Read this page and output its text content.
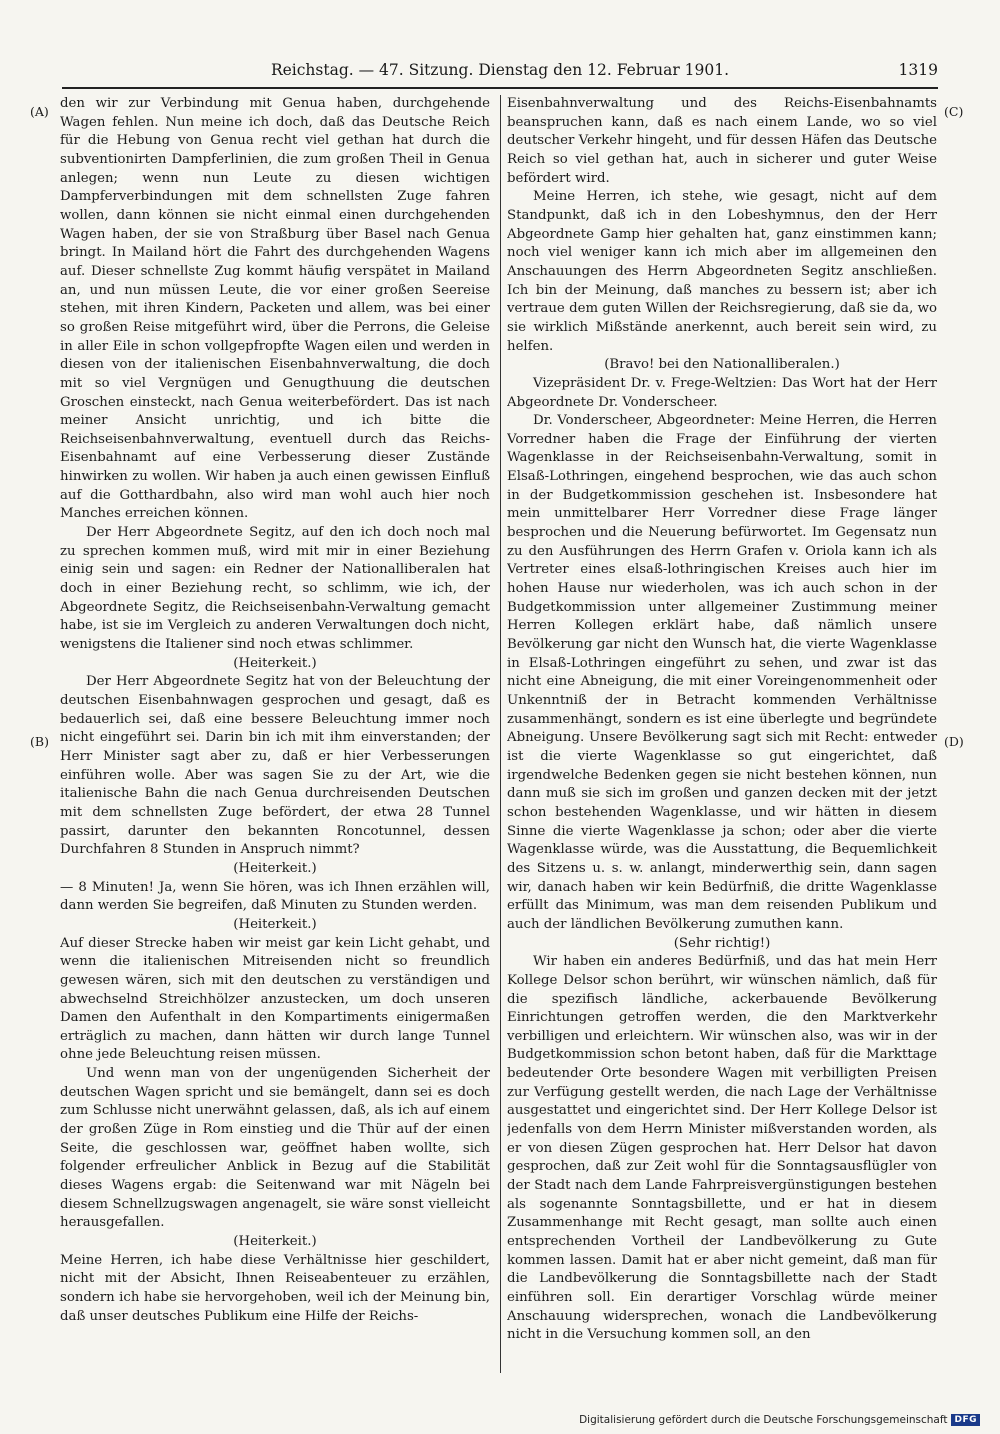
Reichstag. — 47. Sitzung. Dienstag den 12. Februar 1901.	1319
(A)
(B)
(C)
(D)

den wir zur Verbindung mit Genua haben, durchgehende Wagen fehlen. Nun meine ich doch, daß das Deutsche Reich für die Hebung von Genua recht viel gethan hat durch die subventionirten Dampferlinien, die zum großen Theil in Genua anlegen; wenn nun Leute zu diesen wichtigen Dampferverbindungen mit dem schnellsten Zuge fahren wollen, dann können sie nicht einmal einen durchgehenden Wagen haben, der sie von Straßburg über Basel nach Genua bringt. In Mailand hört die Fahrt des durchgehenden Wagens auf. Dieser schnellste Zug kommt häufig verspätet in Mailand an, und nun müssen Leute, die vor einer großen Seereise stehen, mit ihren Kindern, Packeten und allem, was bei einer so großen Reise mitgeführt wird, über die Perrons, die Geleise in aller Eile in schon vollgepfropfte Wagen eilen und werden in diesen von der italienischen Eisenbahnverwaltung, die doch mit so viel Vergnügen und Genugthuung die deutschen Groschen einsteckt, nach Genua weiterbefördert. Das ist nach meiner Ansicht unrichtig, und ich bitte die Reichseisenbahnverwaltung, eventuell durch das Reichs-Eisenbahnamt auf eine Verbesserung dieser Zustände hinwirken zu wollen. Wir haben ja auch einen gewissen Einfluß auf die Gotthardbahn, also wird man wohl auch hier noch Manches erreichen können.

Der Herr Abgeordnete Segitz, auf den ich doch noch mal zu sprechen kommen muß, wird mit mir in einer Beziehung einig sein und sagen: ein Redner der Nationalliberalen hat doch in einer Beziehung recht, so schlimm, wie ich, der Abgeordnete Segitz, die Reichseisenbahn-Verwaltung gemacht habe, ist sie im Vergleich zu anderen Verwaltungen doch nicht, wenigstens die Italiener sind noch etwas schlimmer.

(Heiterkeit.)

Der Herr Abgeordnete Segitz hat von der Beleuchtung der deutschen Eisenbahnwagen gesprochen und gesagt, daß es bedauerlich sei, daß eine bessere Beleuchtung immer noch nicht eingeführt sei. Darin bin ich mit ihm einverstanden; der Herr Minister sagt aber zu, daß er hier Verbesserungen einführen wolle. Aber was sagen Sie zu der Art, wie die italienische Bahn die nach Genua durchreisenden Deutschen mit dem schnellsten Zuge befördert, der etwa 28 Tunnel passirt, darunter den bekannten Roncotunnel, dessen Durchfahren 8 Stunden in Anspruch nimmt?

(Heiterkeit.)

— 8 Minuten! Ja, wenn Sie hören, was ich Ihnen erzählen will, dann werden Sie begreifen, daß Minuten zu Stunden werden.

(Heiterkeit.)

Auf dieser Strecke haben wir meist gar kein Licht gehabt, und wenn die italienischen Mitreisenden nicht so freundlich gewesen wären, sich mit den deutschen zu verständigen und abwechselnd Streichhölzer anzustecken, um doch unseren Damen den Aufenthalt in den Kompartiments einigermaßen erträglich zu machen, dann hätten wir durch lange Tunnel ohne jede Beleuchtung reisen müssen.

Und wenn man von der ungenügenden Sicherheit der deutschen Wagen spricht und sie bemängelt, dann sei es doch zum Schlusse nicht unerwähnt gelassen, daß, als ich auf einem der großen Züge in Rom einstieg und die Thür auf der einen Seite, die geschlossen war, geöffnet haben wollte, sich folgender erfreulicher Anblick in Bezug auf die Stabilität dieses Wagens ergab: die Seitenwand war mit Nägeln bei diesem Schnellzugswagen angenagelt, sie wäre sonst vielleicht herausgefallen.

(Heiterkeit.)

Meine Herren, ich habe diese Verhältnisse hier geschildert, nicht mit der Absicht, Ihnen Reiseabenteuer zu erzählen, sondern ich habe sie hervorgehoben, weil ich der Meinung bin, daß unser deutsches Publikum eine Hilfe der Reichs-

Eisenbahnverwaltung und des Reichs-Eisenbahnamts beanspruchen kann, daß es nach einem Lande, wo so viel deutscher Verkehr hingeht, und für dessen Häfen das Deutsche Reich so viel gethan hat, auch in sicherer und guter Weise befördert wird.

Meine Herren, ich stehe, wie gesagt, nicht auf dem Standpunkt, daß ich in den Lobeshymnus, den der Herr Abgeordnete Gamp hier gehalten hat, ganz einstimmen kann; noch viel weniger kann ich mich aber im allgemeinen den Anschauungen des Herrn Abgeordneten Segitz anschließen. Ich bin der Meinung, daß manches zu bessern ist; aber ich vertraue dem guten Willen der Reichsregierung, daß sie da, wo sie wirklich Mißstände anerkennt, auch bereit sein wird, zu helfen.

(Bravo! bei den Nationalliberalen.)

Vizepräsident Dr. v. Frege-Weltzien: Das Wort hat der Herr Abgeordnete Dr. Vonderscheer.

Dr. Vonderscheer, Abgeordneter: Meine Herren, die Herren Vorredner haben die Frage der Einführung der vierten Wagenklasse in der Reichseisenbahn-Verwaltung, somit in Elsaß-Lothringen, eingehend besprochen, wie das auch schon in der Budgetkommission geschehen ist. Insbesondere hat mein unmittelbarer Herr Vorredner diese Frage länger besprochen und die Neuerung befürwortet. Im Gegensatz nun zu den Ausführungen des Herrn Grafen v. Oriola kann ich als Vertreter eines elsaß-lothringischen Kreises auch hier im hohen Hause nur wiederholen, was ich auch schon in der Budgetkommission unter allgemeiner Zustimmung meiner Herren Kollegen erklärt habe, daß nämlich unsere Bevölkerung gar nicht den Wunsch hat, die vierte Wagenklasse in Elsaß-Lothringen eingeführt zu sehen, und zwar ist das nicht eine Abneigung, die mit einer Voreingenommenheit oder Unkenntniß der in Betracht kommenden Verhältnisse zusammenhängt, sondern es ist eine überlegte und begründete Abneigung. Unsere Bevölkerung sagt sich mit Recht: entweder ist die vierte Wagenklasse so gut eingerichtet, daß irgendwelche Bedenken gegen sie nicht bestehen können, nun dann muß sie sich im großen und ganzen decken mit der jetzt schon bestehenden Wagenklasse, und wir hätten in diesem Sinne die vierte Wagenklasse ja schon; oder aber die vierte Wagenklasse würde, was die Ausstattung, die Bequemlichkeit des Sitzens u. s. w. anlangt, minderwerthig sein, dann sagen wir, danach haben wir kein Bedürfniß, die dritte Wagenklasse erfüllt das Minimum, was man dem reisenden Publikum und auch der ländlichen Bevölkerung zumuthen kann.

(Sehr richtig!)

Wir haben ein anderes Bedürfniß, und das hat mein Herr Kollege Delsor schon berührt, wir wünschen nämlich, daß für die spezifisch ländliche, ackerbauende Bevölkerung Einrichtungen getroffen werden, die den Marktverkehr verbilligen und erleichtern. Wir wünschen also, was wir in der Budgetkommission schon betont haben, daß für die Markttage bedeutender Orte besondere Wagen mit verbilligten Preisen zur Verfügung gestellt werden, die nach Lage der Verhältnisse ausgestattet und eingerichtet sind. Der Herr Kollege Delsor ist jedenfalls von dem Herrn Minister mißverstanden worden, als er von diesen Zügen gesprochen hat. Herr Delsor hat davon gesprochen, daß zur Zeit wohl für die Sonntagsausflügler von der Stadt nach dem Lande Fahrpreisvergünstigungen bestehen als sogenannte Sonntagsbillette, und er hat in diesem Zusammenhange mit Recht gesagt, man sollte auch einen entsprechenden Vortheil der Landbevölkerung zu Gute kommen lassen. Damit hat er aber nicht gemeint, daß man für die Landbevölkerung die Sonntagsbillette nach der Stadt einführen soll. Ein derartiger Vorschlag würde meiner Anschauung widersprechen, wonach die Landbevölkerung nicht in die Versuchung kommen soll, an den

Digitalisierung gefördert durch die Deutsche Forschungsgemeinschaft DFG
